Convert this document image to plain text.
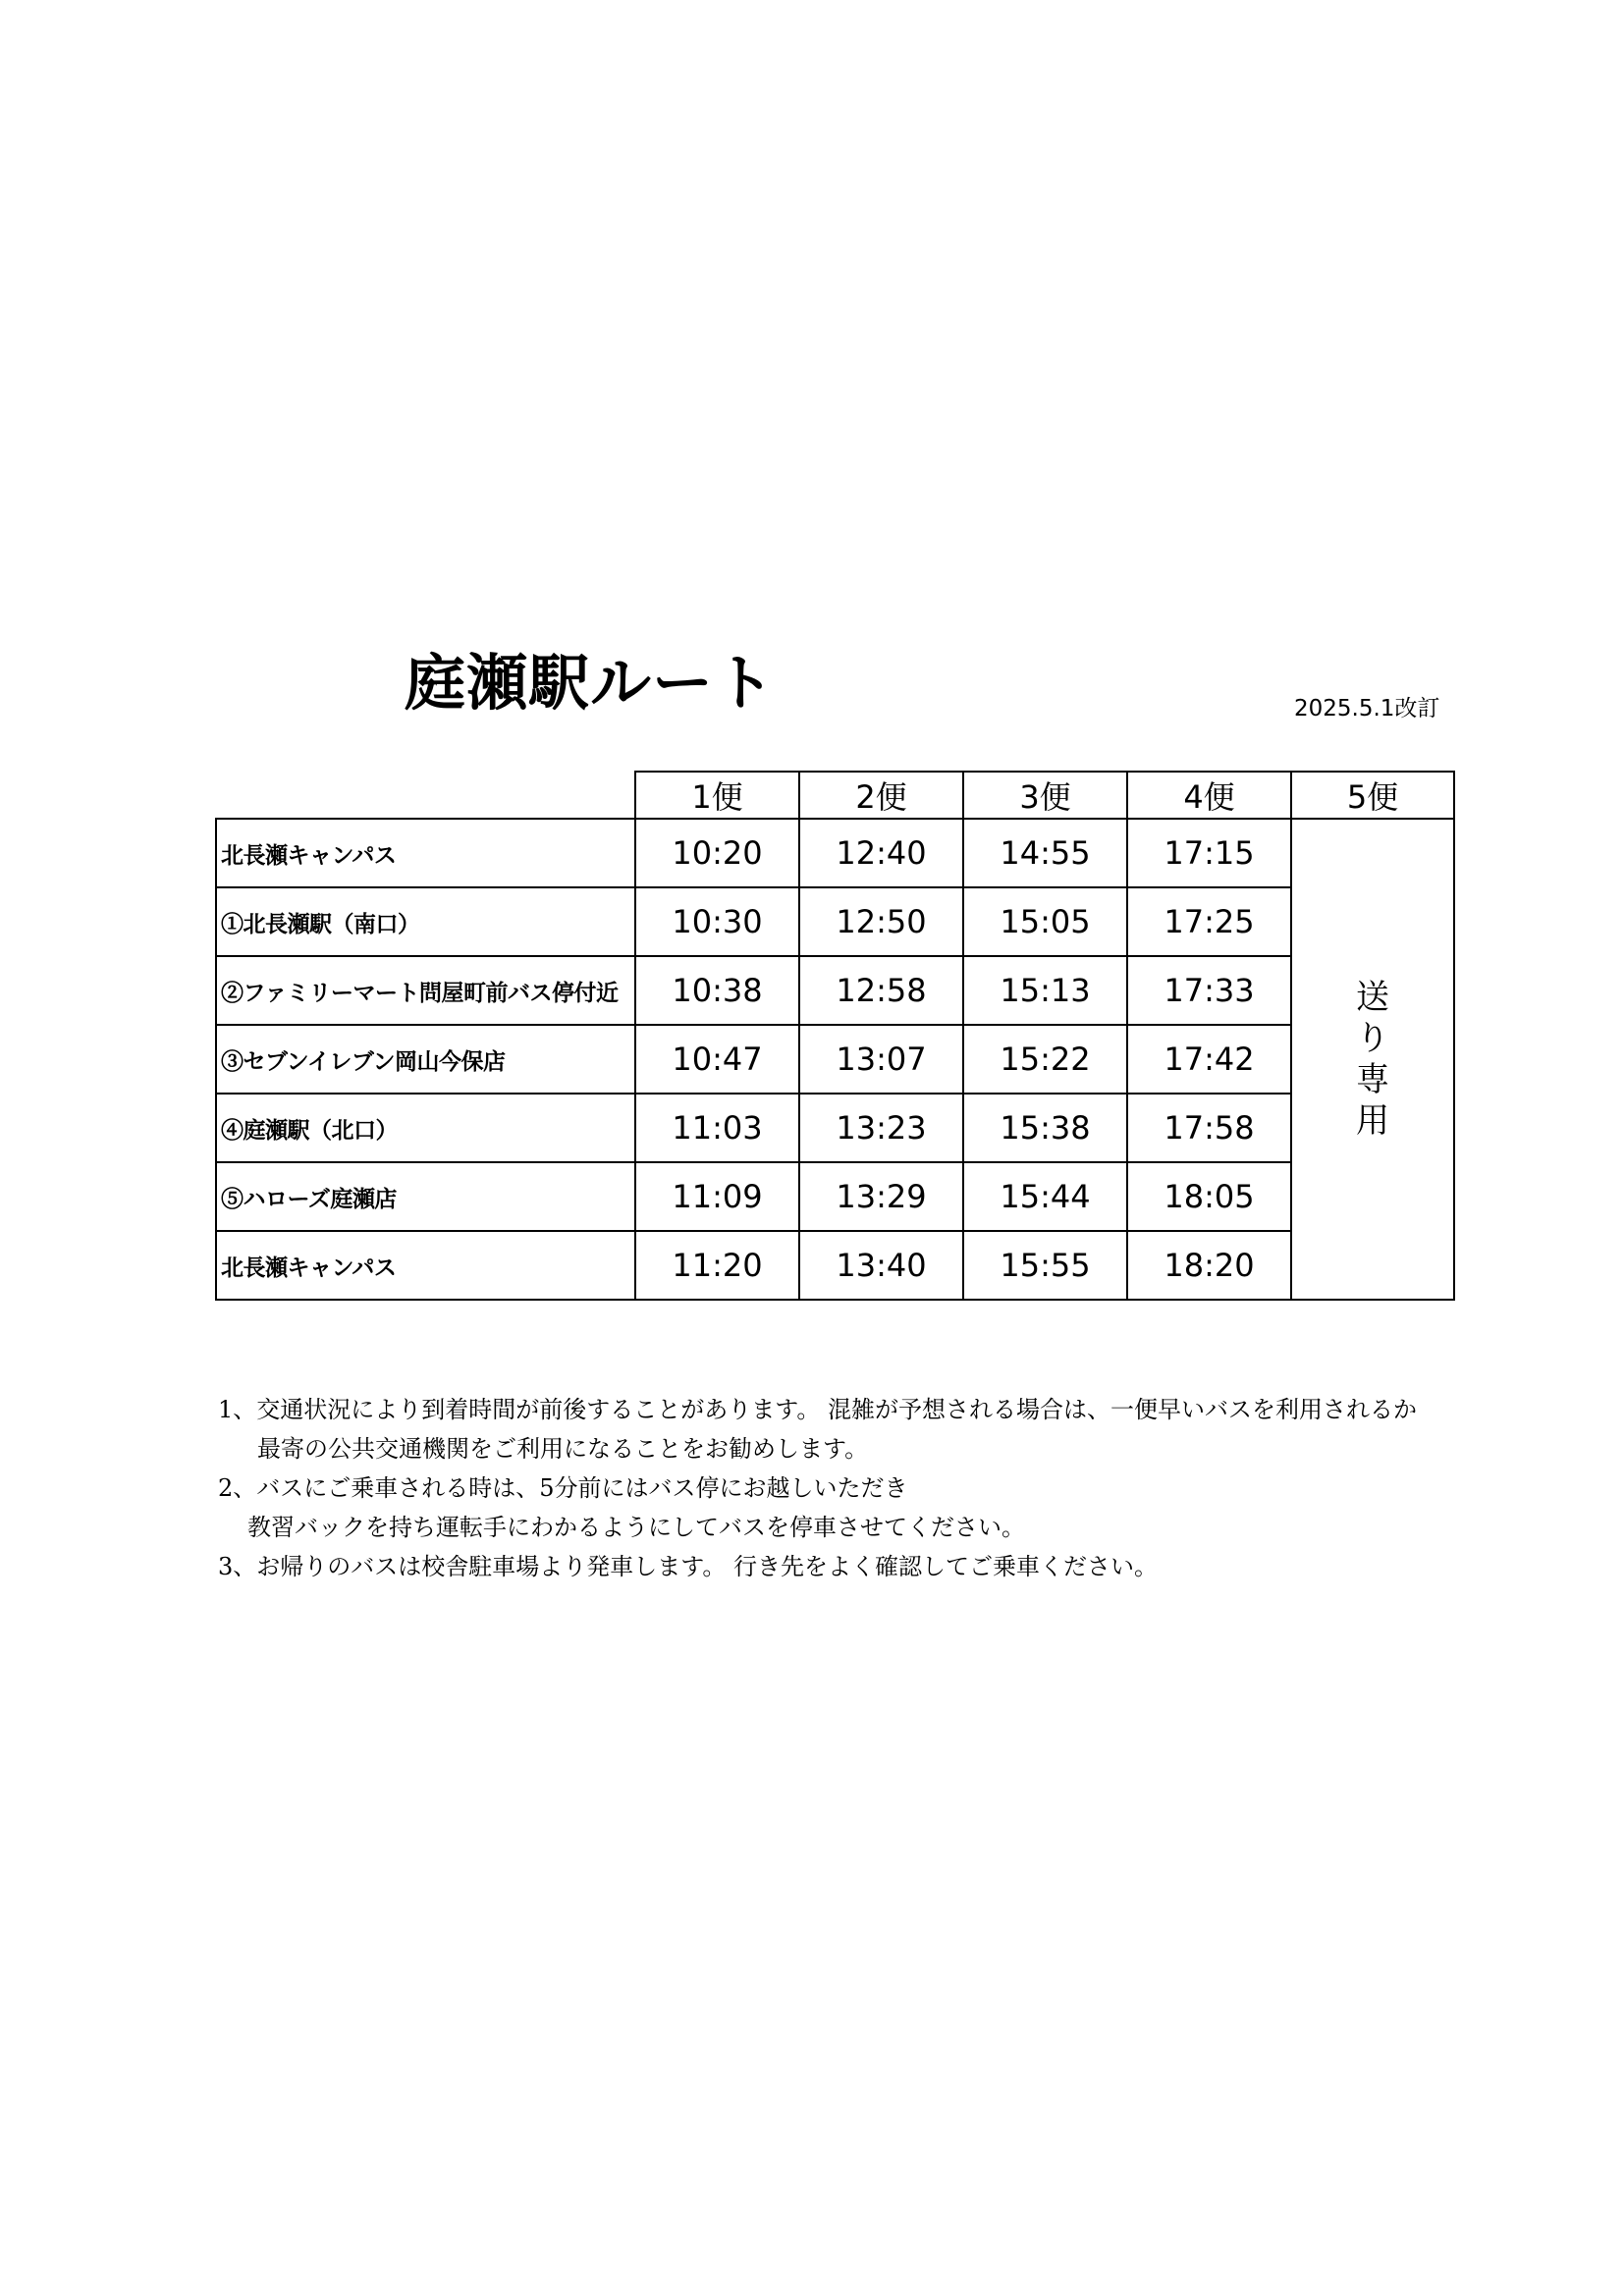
庭瀬駅ルート	2025.5.1改訂
	1便	2便	3便	4便	5便
北長瀬キャンパス	10:20	12:40	14:55	17:15	送り専用
①北長瀬駅（南口）	10:30	12:50	15:05	17:25	
②ファミリーマート問屋町前バス停付近	10:38	12:58	15:13	17:33	
③セブンイレブン岡山今保店	10:47	13:07	15:22	17:42	
④庭瀬駅（北口）	11:03	13:23	15:38	17:58	
⑤ハローズ庭瀬店	11:09	13:29	15:44	18:05	
北長瀬キャンパス	11:20	13:40	15:55	18:20	
1、交通状況により到着時間が前後することがあります。 混雑が予想される場合は、一便早いバスを利用されるか
最寄の公共交通機関をご利用になることをお勧めします。
2、バスにご乗車される時は、5分前にはバス停にお越しいただき
教習バックを持ち運転手にわかるようにしてバスを停車させてください。
3、お帰りのバスは校舎駐車場より発車します。 行き先をよく確認してご乗車ください。
